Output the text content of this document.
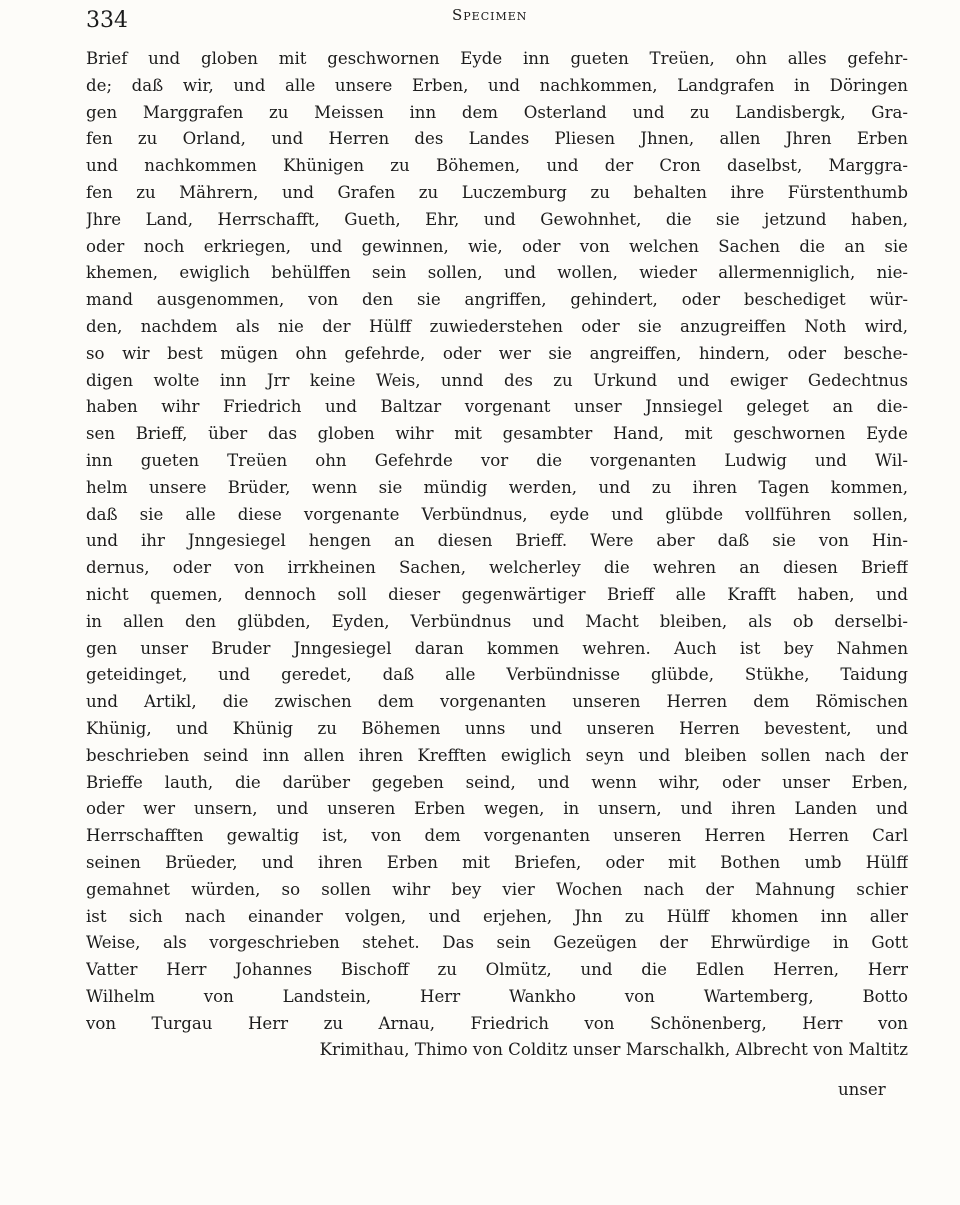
334	Specimen
Brief und globen mit geschwornen Eyde inn gueten Treüen, ohn alles gefehr-
de; daß wir, und alle unsere Erben, und nachkommen, Landgrafen in Döringen
gen Marggrafen zu Meissen inn dem Osterland und zu Landisbergk, Gra-
fen zu Orland, und Herren des Landes Pliesen Jhnen, allen Jhren Erben
und nachkommen Khünigen zu Böhemen, und der Cron daselbst, Marggra-
fen zu Mährern, und Grafen zu Luczemburg zu behalten ihre Fürstenthumb
Jhre Land, Herrschafft, Gueth, Ehr, und Gewohnhet, die sie jetzund haben,
oder noch erkriegen, und gewinnen, wie, oder von welchen Sachen die an sie
khemen, ewiglich behülffen sein sollen, und wollen, wieder allermenniglich, nie-
mand ausgenommen, von den sie angriffen, gehindert, oder beschediget wür-
den, nachdem als nie der Hülff zuwiederstehen oder sie anzugreiffen Noth wird,
so wir best mügen ohn gefehrde, oder wer sie angreiffen, hindern, oder besche-
digen wolte inn Jrr keine Weis, unnd des zu Urkund und ewiger Gedechtnus
haben wihr Friedrich und Baltzar vorgenant unser Jnnsiegel geleget an die-
sen Brieff, über das globen wihr mit gesambter Hand, mit geschwornen Eyde
inn gueten Treüen ohn Gefehrde vor die vorgenanten Ludwig und Wil-
helm unsere Brüder, wenn sie mündig werden, und zu ihren Tagen kommen,
daß sie alle diese vorgenante Verbündnus, eyde und glübde vollführen sollen,
und ihr Jnngesiegel hengen an diesen Brieff. Were aber daß sie von Hin-
dernus, oder von irrkheinen Sachen, welcherley die wehren an diesen Brieff
nicht quemen, dennoch soll dieser gegenwärtiger Brieff alle Krafft haben, und
in allen den glübden, Eyden, Verbündnus und Macht bleiben, als ob derselbi-
gen unser Bruder Jnngesiegel daran kommen wehren. Auch ist bey Nahmen
geteidinget, und geredet, daß alle Verbündnisse glübde, Stükhe, Taidung
und Artikl, die zwischen dem vorgenanten unseren Herren dem Römischen
Khünig, und Khünig zu Böhemen unns und unseren Herren bevestent, und
beschrieben seind inn allen ihren Krefften ewiglich seyn und bleiben sollen nach der
Brieffe lauth, die darüber gegeben seind, und wenn wihr, oder unser Erben,
oder wer unsern, und unseren Erben wegen, in unsern, und ihren Landen und
Herrschafften gewaltig ist, von dem vorgenanten unseren Herren Herren Carl
seinen Brüeder, und ihren Erben mit Briefen, oder mit Bothen umb Hülff
gemahnet würden, so sollen wihr bey vier Wochen nach der Mahnung schier
ist sich nach einander volgen, und erjehen, Jhn zu Hülff khomen inn aller
Weise, als vorgeschrieben stehet. Das sein Gezeügen der Ehrwürdige in Gott
Vatter Herr Johannes Bischoff zu Olmütz, und die Edlen Herren, Herr
Wilhelm von Landstein, Herr Wankho von Wartemberg, Botto
von Turgau Herr zu Arnau, Friedrich von Schönenberg, Herr von
Krimithau, Thimo von Colditz unser Marschalkh, Albrecht von Maltitz
unser
